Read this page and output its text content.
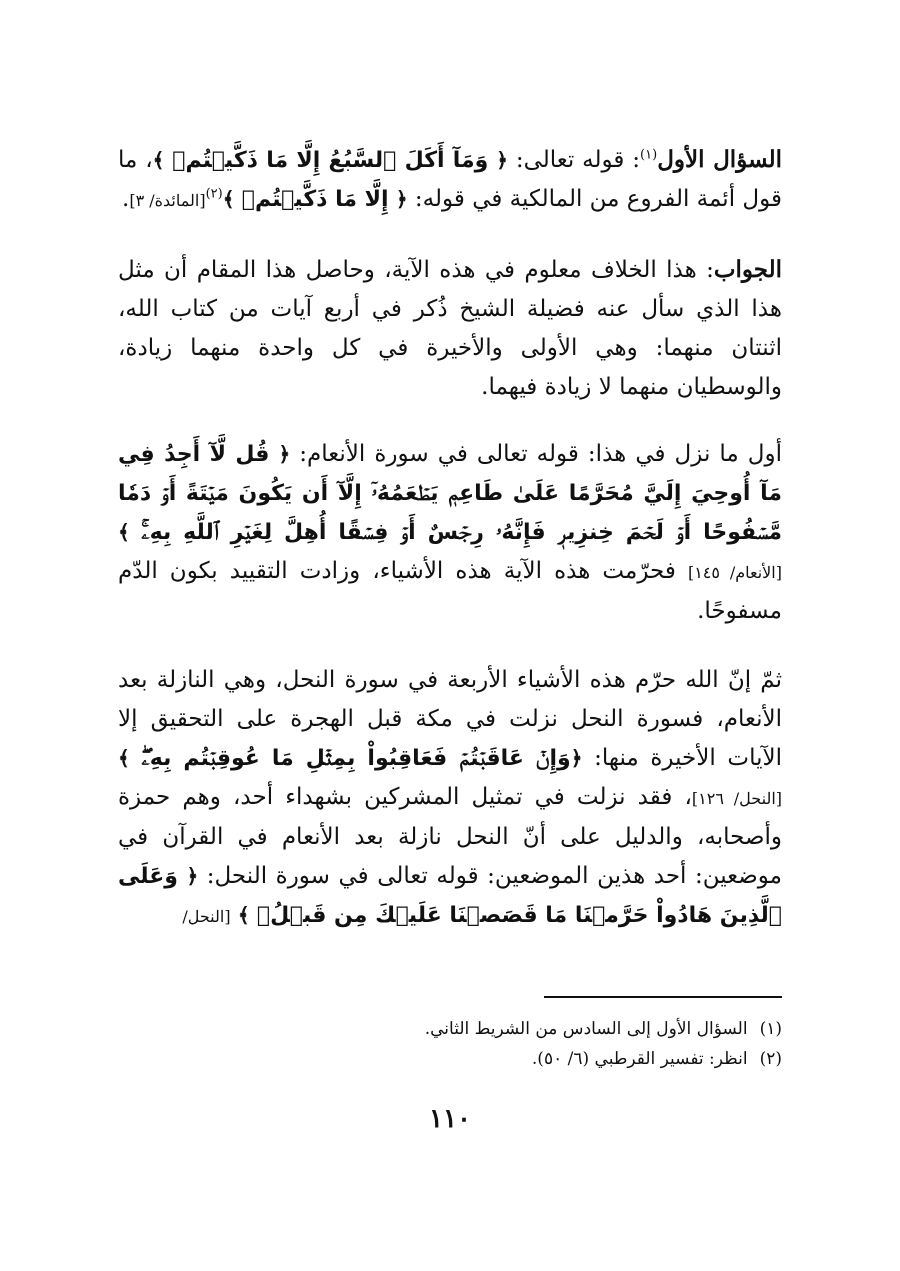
السؤال الأول$^{(١)}$: قوله تعالى: ﴿ وَمَآ أَكَلَ ٱلسَّبُعُ إِلَّا مَا ذَكَّيۡتُمۡ ﴾، ما قول أئمة الفروع من المالكية في قوله: ﴿ إِلَّا مَا ذَكَّيۡتُمۡ ﴾$^{(٢)}$[المائدة/ ٣].

الجواب: هذا الخلاف معلوم في هذه الآية، وحاصل هذا المقام أن مثل هذا الذي سأل عنه فضيلة الشيخ ذُكر في أربع آيات من كتاب الله، اثنتان منهما: وهي الأولى والأخيرة في كل واحدة منهما زيادة، والوسطيان منهما لا زيادة فيهما.

أول ما نزل في هذا: قوله تعالى في سورة الأنعام: ﴿ قُل لَّآ أَجِدُ فِي مَآ أُوحِيَ إِلَيَّ مُحَرَّمًا عَلَىٰ طَاعِمٖ يَطۡعَمُهُۥٓ إِلَّآ أَن يَكُونَ مَيۡتَةً أَوۡ دَمٗا مَّسۡفُوحًا أَوۡ لَحۡمَ خِنزِيرٖ فَإِنَّهُۥ رِجۡسٌ أَوۡ فِسۡقًا أُهِلَّ لِغَيۡرِ ٱللَّهِ بِهِۦۚ ﴾ [الأنعام/ ١٤٥] فحرّمت هذه الآية هذه الأشياء، وزادت التقييد بكون الدّم مسفوحًا.

ثمّ إنّ الله حرّم هذه الأشياء الأربعة في سورة النحل، وهي النازلة بعد الأنعام، فسورة النحل نزلت في مكة قبل الهجرة على التحقيق إلا الآيات الأخيرة منها: ﴿وَإِنۡ عَاقَبۡتُمۡ فَعَاقِبُواْ بِمِثۡلِ مَا عُوقِبۡتُم بِهِۦۖ ﴾ [النحل/ ١٢٦]، فقد نزلت في تمثيل المشركين بشهداء أحد، وهم حمزة وأصحابه، والدليل على أنّ النحل نازلة بعد الأنعام في القرآن في موضعين: أحد هذين الموضعين: قوله تعالى في سورة النحل: ﴿ وَعَلَى ٱلَّذِينَ هَادُواْ حَرَّمۡنَا مَا قَصَصۡنَا عَلَيۡكَ مِن قَبۡلُۖ ﴾ [النحل/

(١)السؤال الأول إلى السادس من الشريط الثاني.
(٢)انظر: تفسير القرطبي (٦/ ٥٠).
١١٠
